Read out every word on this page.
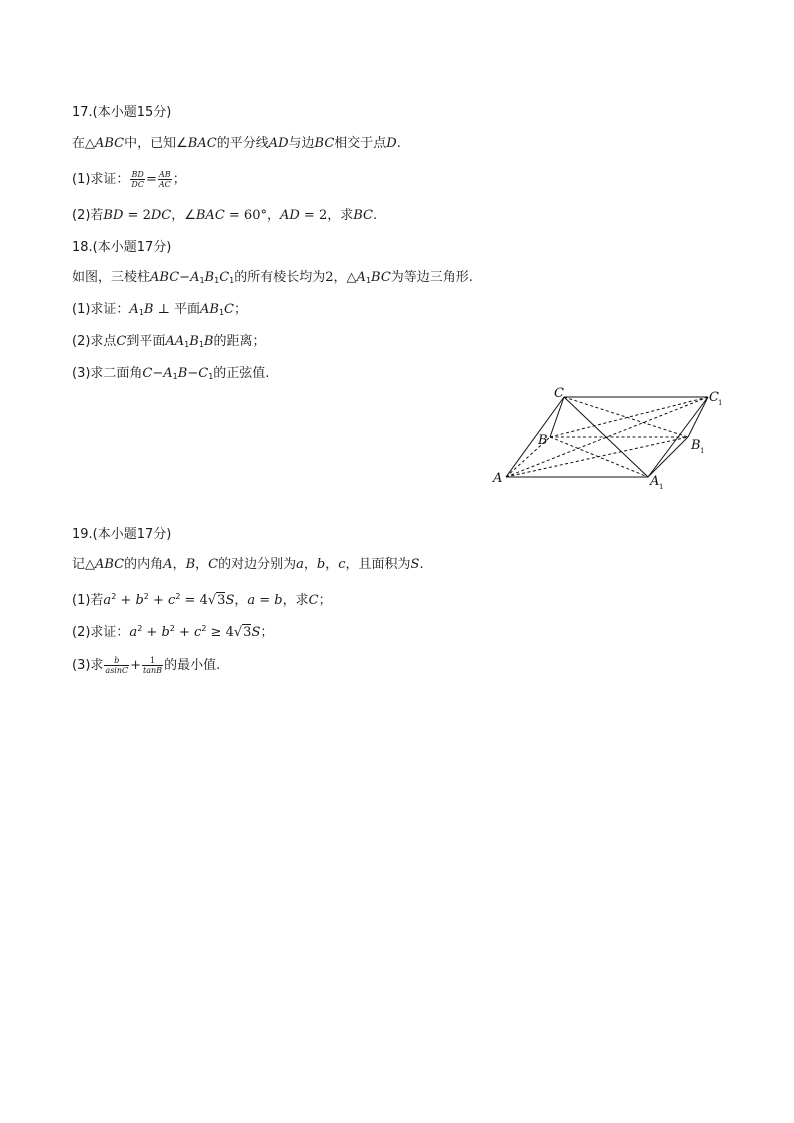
17.(本小题15分)
在△ABC中，已知∠BAC的平分线AD与边BC相交于点D.
(1)求证： $\frac{BD}{DC} = \frac{AB}{AC}$ ；
(2)若BD = 2DC，∠BAC = 60°，AD = 2，求BC.
18.(本小题17分)
如图，三棱柱$ABC-A_1B_1C_1$的所有棱长均为2，$\triangle A_1BC$为等边三角形.
(1)求证：$A_1B$ ⊥ 平面$AB_1C$；
(2)求点C到平面$AA_1B_1B$的距离；
(3)求二面角$C-A_1B-C_1$的正弦值.
C	C 1
B	B 1
A	A 1
19.(本小题17分)
记△ABC的内角A，B，C的对边分别为a，b，c，且面积为S.
(1)若$a^2 + b^2 + c^2 = 4√3S$，a = b，求C；
(2)求证：$a^2 + b^2 + c^2 \ge 4√3S$；
(3)求 $\frac{b}{asinC} + \frac{1}{\tan B}$ 的最小值.
